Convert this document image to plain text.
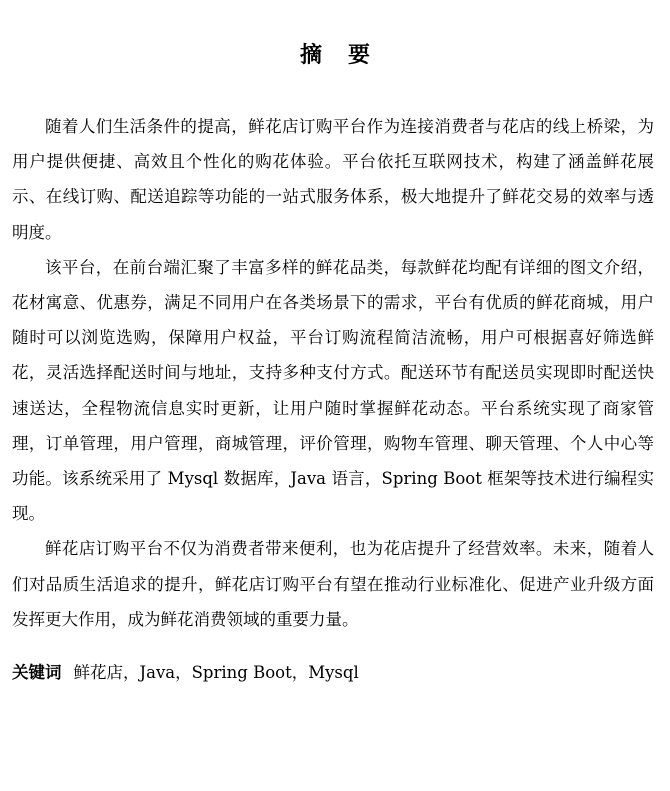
摘 要

随着人们生活条件的提高，鲜花店订购平台作为连接消费者与花店的线上桥梁，为用户提供便捷、高效且个性化的购花体验。平台依托互联网技术，构建了涵盖鲜花展示、在线订购、配送追踪等功能的一站式服务体系，极大地提升了鲜花交易的效率与透明度。

该平台，在前台端汇聚了丰富多样的鲜花品类，每款鲜花均配有详细的图文介绍，花材寓意、优惠券，满足不同用户在各类场景下的需求，平台有优质的鲜花商城，用户随时可以浏览选购，保障用户权益，平台订购流程简洁流畅，用户可根据喜好筛选鲜花，灵活选择配送时间与地址，支持多种支付方式。配送环节有配送员实现即时配送快速送达，全程物流信息实时更新，让用户随时掌握鲜花动态。平台系统实现了商家管理，订单管理，用户管理，商城管理，评价管理，购物车管理、聊天管理、个人中心等功能。该系统采用了 Mysql 数据库，Java 语言，Spring Boot 框架等技术进行编程实现。

鲜花店订购平台不仅为消费者带来便利，也为花店提升了经营效率。未来，随着人们对品质生活追求的提升，鲜花店订购平台有望在推动行业标准化、促进产业升级方面发挥更大作用，成为鲜花消费领域的重要力量。

关键词 鲜花店，Java，Spring Boot，Mysql
